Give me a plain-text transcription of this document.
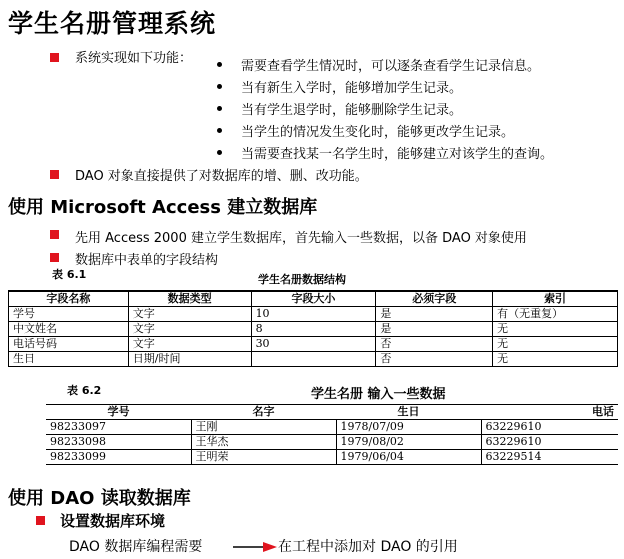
学生名册管理系统
系统实现如下功能：
需要查看学生情况时，可以逐条查看学生记录信息。
当有新生入学时，能够增加学生记录。
当有学生退学时，能够删除学生记录。
当学生的情况发生变化时，能够更改学生记录。
当需要查找某一名学生时，能够建立对该学生的查询。
DAO 对象直接提供了对数据库的增、删、改功能。
使用 Microsoft Access 建立数据库
先用 Access 2000 建立学生数据库，首先输入一些数据，以备 DAO 对象使用
数据库中表单的字段结构
表 6.1	学生名册数据结构
字段名称	数据类型	字段大小	必须字段	索引
学号	文字	10	是	有（无重复）
中文姓名	文字	8	是	无
电话号码	文字	30	否	无
生日	日期/时间		否	无
表 6.2	学生名册 输入一些数据
学号	名字	生日	电话
98233097	王刚	1978/07/09	63229610
98233098	王华杰	1979/08/02	63229610
98233099	王明荣	1979/06/04	63229514
使用 DAO 读取数据库
设置数据库环境
DAO 数据库编程需要	在工程中添加对 DAO 的引用
